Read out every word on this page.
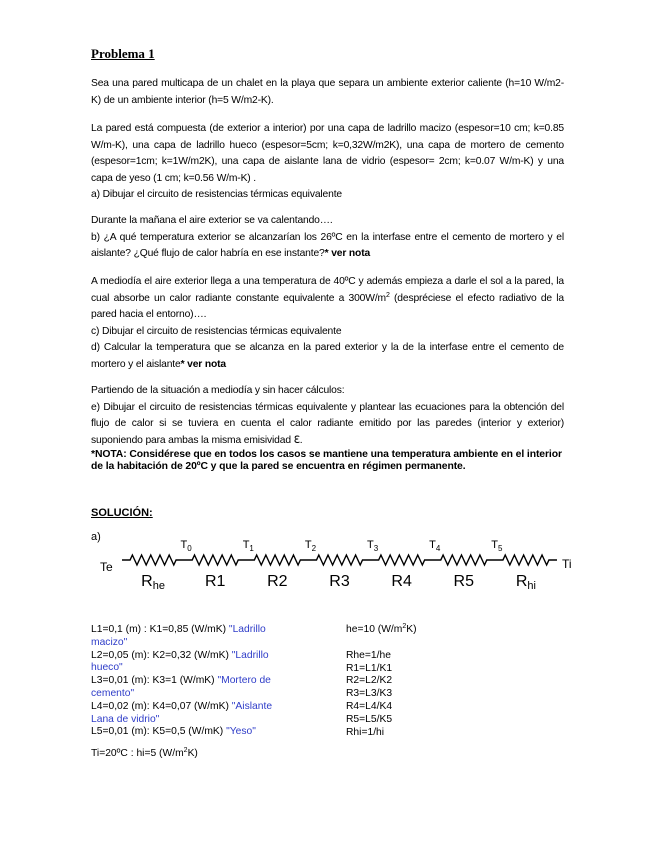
Problema 1

Sea una pared multicapa de un chalet en la playa que separa un ambiente exterior caliente (h=10 W/m2-K) de un ambiente interior (h=5 W/m2-K).

La pared está compuesta (de exterior a interior) por una capa de ladrillo macizo (espesor=10 cm; k=0.85 W/m-K), una capa de ladrillo hueco (espesor=5cm; k=0,32W/m2K), una capa de mortero de cemento (espesor=1cm; k=1W/m2K), una capa de aislante lana de vidrio (espesor= 2cm; k=0.07 W/m-K) y una capa de yeso (1 cm; k=0.56 W/m-K) .

a) Dibujar el circuito de resistencias térmicas equivalente

Durante la mañana el aire exterior se va calentando….

b) ¿A qué temperatura exterior se alcanzarían los 26ºC en la interfase entre el cemento de mortero y el aislante? ¿Qué flujo de calor habría en ese instante?* ver nota

A mediodía el aire exterior llega a una temperatura de 40ºC y además empieza a darle el sol a la pared, la cual absorbe un calor radiante constante equivalente a $300W/m^2$ (despréciese el efecto radiativo de la pared hacia el entorno)….

c) Dibujar el circuito de resistencias térmicas equivalente

d) Calcular la temperatura que se alcanza en la pared exterior y la de la interfase entre el cemento de mortero y el aislante* ver nota

Partiendo de la situación a mediodía y sin hacer cálculos:

e) Dibujar el circuito de resistencias térmicas equivalente y plantear las ecuaciones para la obtención del flujo de calor si se tuviera en cuenta el calor radiante emitido por las paredes (interior y exterior) suponiendo para ambas la misma emisividad ℇ.

*NOTA: Considérese que en todos los casos se mantiene una temperatura ambiente en el interior de la habitación de 20ºC y que la pared se encuentra en régimen permanente.
SOLUCIÓN:
a)
Te
Rhe	R1	R2	R3	R4	R5	Rhi
$T_0$	$T_1$	$T_2$	$T_3$	$T_4$	$T_5$
Ti
L1=0,1 (m) : K1=0,85 (W/mK) "Ladrillo
macizo"
L2=0,05 (m): K2=0,32 (W/mK) "Ladrillo
hueco"
L3=0,01 (m): K3=1 (W/mK) "Mortero de
cemento"
L4=0,02 (m): K4=0,07 (W/mK) "Aislante
Lana de vidrio"
L5=0,01 (m): K5=0,5 (W/mK) "Yeso"
he=10 $(W/m^2K)$
Rhe=1/he
R1=L1/K1
R2=L2/K2
R3=L3/K3
R4=L4/K4
R5=L5/K5
Rhi=1/hi
Ti=20ºC : hi=5 $(W/m^2K)$
